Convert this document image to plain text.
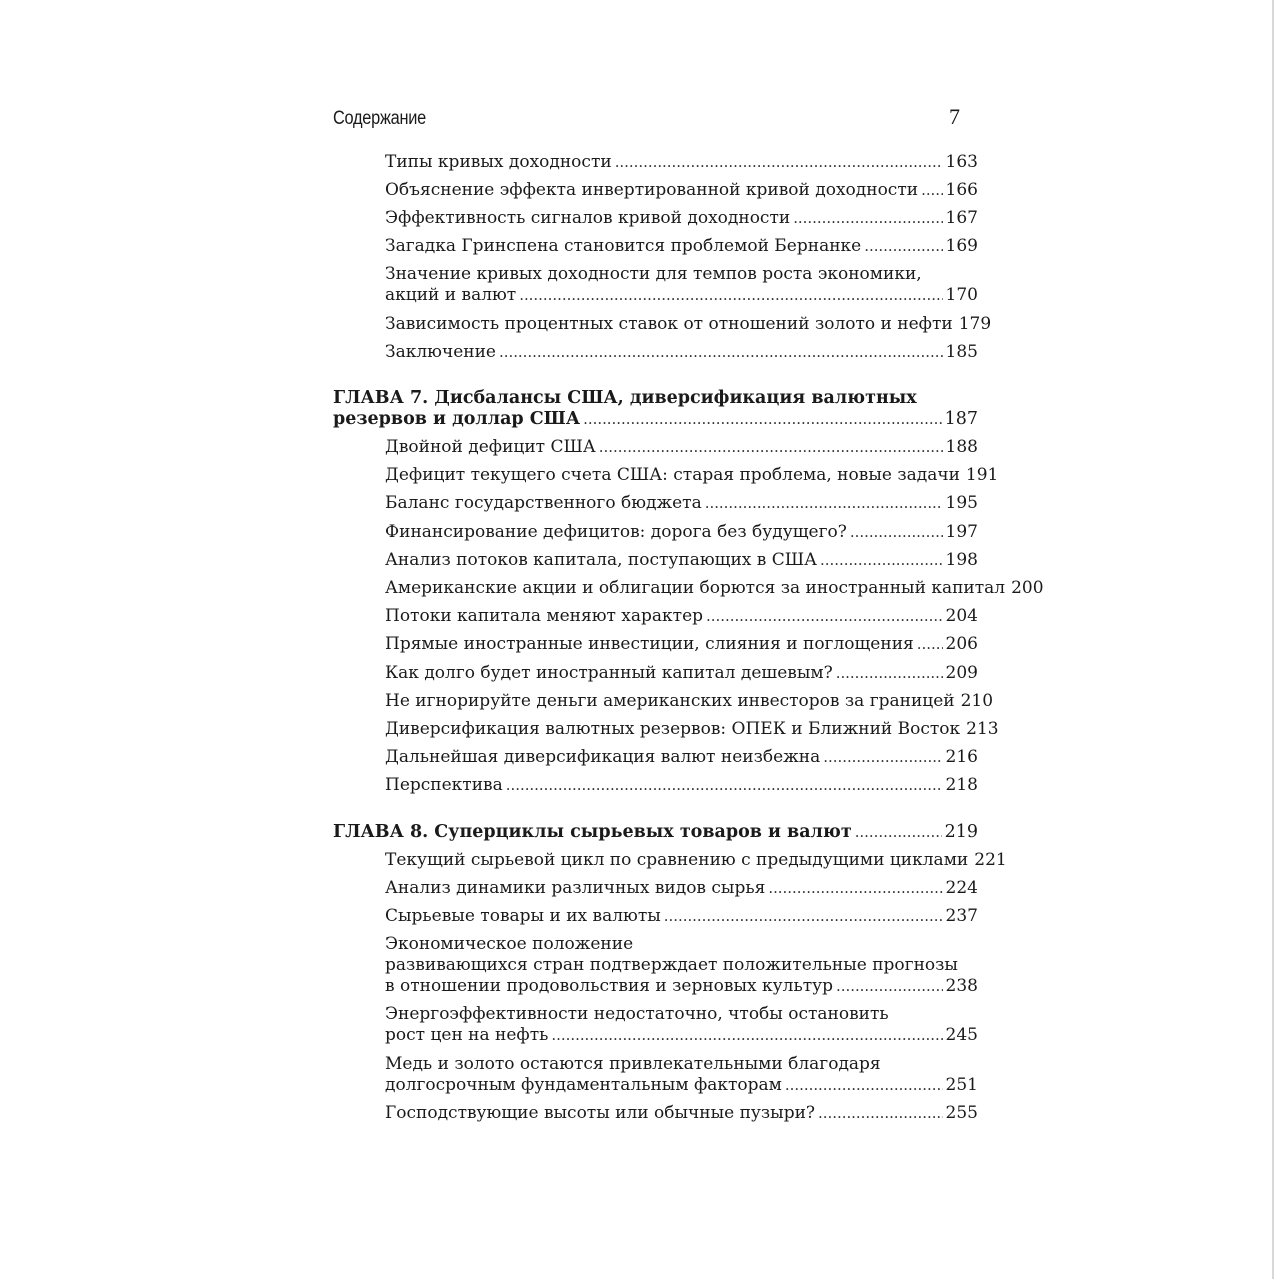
Содержание	7
Типы кривых доходности . . .	163
Объяснение эффекта инвертированной кривой доходности . . . 166
Эффективность сигналов кривой доходности . . .	167
Загадка Гринспена становится проблемой Бернанке . . .	169
Значение кривых доходности для темпов роста экономики,
акций и валют . . .	170
Зависимость процентных ставок от отношений золото и нефти 179
Заключение . . .	185
ГЛАВА 7. Дисбалансы США, диверсификация валютных
резервов и доллар США . . .	187
Двойной дефицит США . . .	188
Дефицит текущего счета США: старая проблема, новые задачи 191
Баланс государственного бюджета . . .	195
Финансирование дефицитов: дорога без будущего? . . .	197
Анализ потоков капитала, поступающих в США . . .	198
Американские акции и облигации борются за иностранный капитал 200
Потоки капитала меняют характер . . .	204
Прямые иностранные инвестиции, слияния и поглощения . . . 206
Как долго будет иностранный капитал дешевым? . . .	209
Не игнорируйте деньги американских инвесторов за границей 210
Диверсификация валютных резервов: ОПЕК и Ближний Восток 213
Дальнейшая диверсификация валют неизбежна . . .	216
Перспектива . . .	218
ГЛАВА 8. Суперциклы сырьевых товаров и валют . . .	219
Текущий сырьевой цикл по сравнению с предыдущими циклами 221
Анализ динамики различных видов сырья . . .	224
Сырьевые товары и их валюты . . .	237
Экономическое положение
развивающихся стран подтверждает положительные прогнозы
в отношении продовольствия и зерновых культур . . .	238
Энергоэффективности недостаточно, чтобы остановить
рост цен на нефть . . .	245
Медь и золото остаются привлекательными благодаря
долгосрочным фундаментальным факторам . . .	251
Господствующие высоты или обычные пузыри? . . .	255
